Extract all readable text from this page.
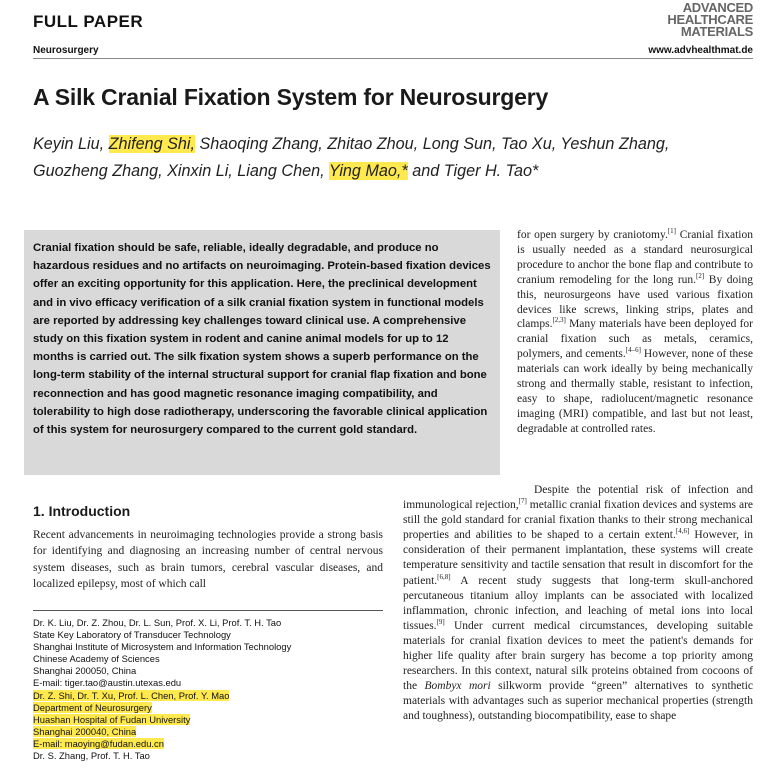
FULL PAPER
Neurosurgery
ADVANCED
HEALTHCARE
MATERIALS
www.advhealthmat.de
A Silk Cranial Fixation System for Neurosurgery
Keyin Liu, Zhifeng Shi, Shaoqing Zhang, Zhitao Zhou, Long Sun, Tao Xu, Yeshun Zhang, Guozheng Zhang, Xinxin Li, Liang Chen, Ying Mao,* and Tiger H. Tao*
Cranial fixation should be safe, reliable, ideally degradable, and produce no hazardous residues and no artifacts on neuroimaging. Protein-based fixation devices offer an exciting opportunity for this application. Here, the preclinical development and in vivo efficacy verification of a silk cranial fixation system in functional models are reported by addressing key challenges toward clinical use. A comprehensive study on this fixation system in rodent and canine animal models for up to 12 months is carried out. The silk fixation system shows a superb performance on the long-term stability of the internal structural support for cranial flap fixation and bone reconnection and has good magnetic resonance imaging compatibility, and tolerability to high dose radiotherapy, underscoring the favorable clinical application of this system for neurosurgery compared to the current gold standard.
1. Introduction
Recent advancements in neuroimaging technologies provide a strong basis for identifying and diagnosing an increasing number of central nervous system diseases, such as brain tumors, cerebral vascular diseases, and localized epilepsy, most of which call
Dr. K. Liu, Dr. Z. Zhou, Dr. L. Sun, Prof. X. Li, Prof. T. H. Tao
State Key Laboratory of Transducer Technology
Shanghai Institute of Microsystem and Information Technology
Chinese Academy of Sciences
Shanghai 200050, China
E-mail: tiger.tao@austin.utexas.edu
Dr. Z. Shi, Dr. T. Xu, Prof. L. Chen, Prof. Y. Mao
Department of Neurosurgery
Huashan Hospital of Fudan University
Shanghai 200040, China
E-mail: maoying@fudan.edu.cn
Dr. S. Zhang, Prof. T. H. Tao
for open surgery by craniotomy.[1] Cranial fixation is usually needed as a standard neurosurgical procedure to anchor the bone flap and contribute to cranium remodeling for the long run.[2] By doing this, neurosurgeons have used various fixation devices like screws, linking strips, plates and clamps.[2,3] Many materials have been deployed for cranial fixation such as metals, ceramics, polymers, and cements.[4–6] However, none of these materials can work ideally by being mechanically strong and thermally stable, resistant to infection, easy to shape, radiolucent/magnetic resonance imaging (MRI) compatible, and last but not least, degradable at controlled rates.
Despite the potential risk of infection and immunological rejection,[7] metallic cranial fixation devices and systems are still the gold standard for cranial fixation thanks to their strong mechanical properties and abilities to be shaped to a certain extent.[4,6] However, in consideration of their permanent implantation, these systems will create temperature sensitivity and tactile sensation that result in discomfort for the patient.[6,8] A recent study suggests that long-term skull-anchored percutaneous titanium alloy implants can be associated with localized inflammation, chronic infection, and leaching of metal ions into local tissues.[9] Under current medical circumstances, developing suitable materials for cranial fixation devices to meet the patient's demands for higher life quality after brain surgery has become a top priority among researchers. In this context, natural silk proteins obtained from cocoons of the Bombyx mori silkworm provide “green” alternatives to synthetic materials with advantages such as superior mechanical properties (strength and toughness), outstanding biocompatibility, ease to shape
